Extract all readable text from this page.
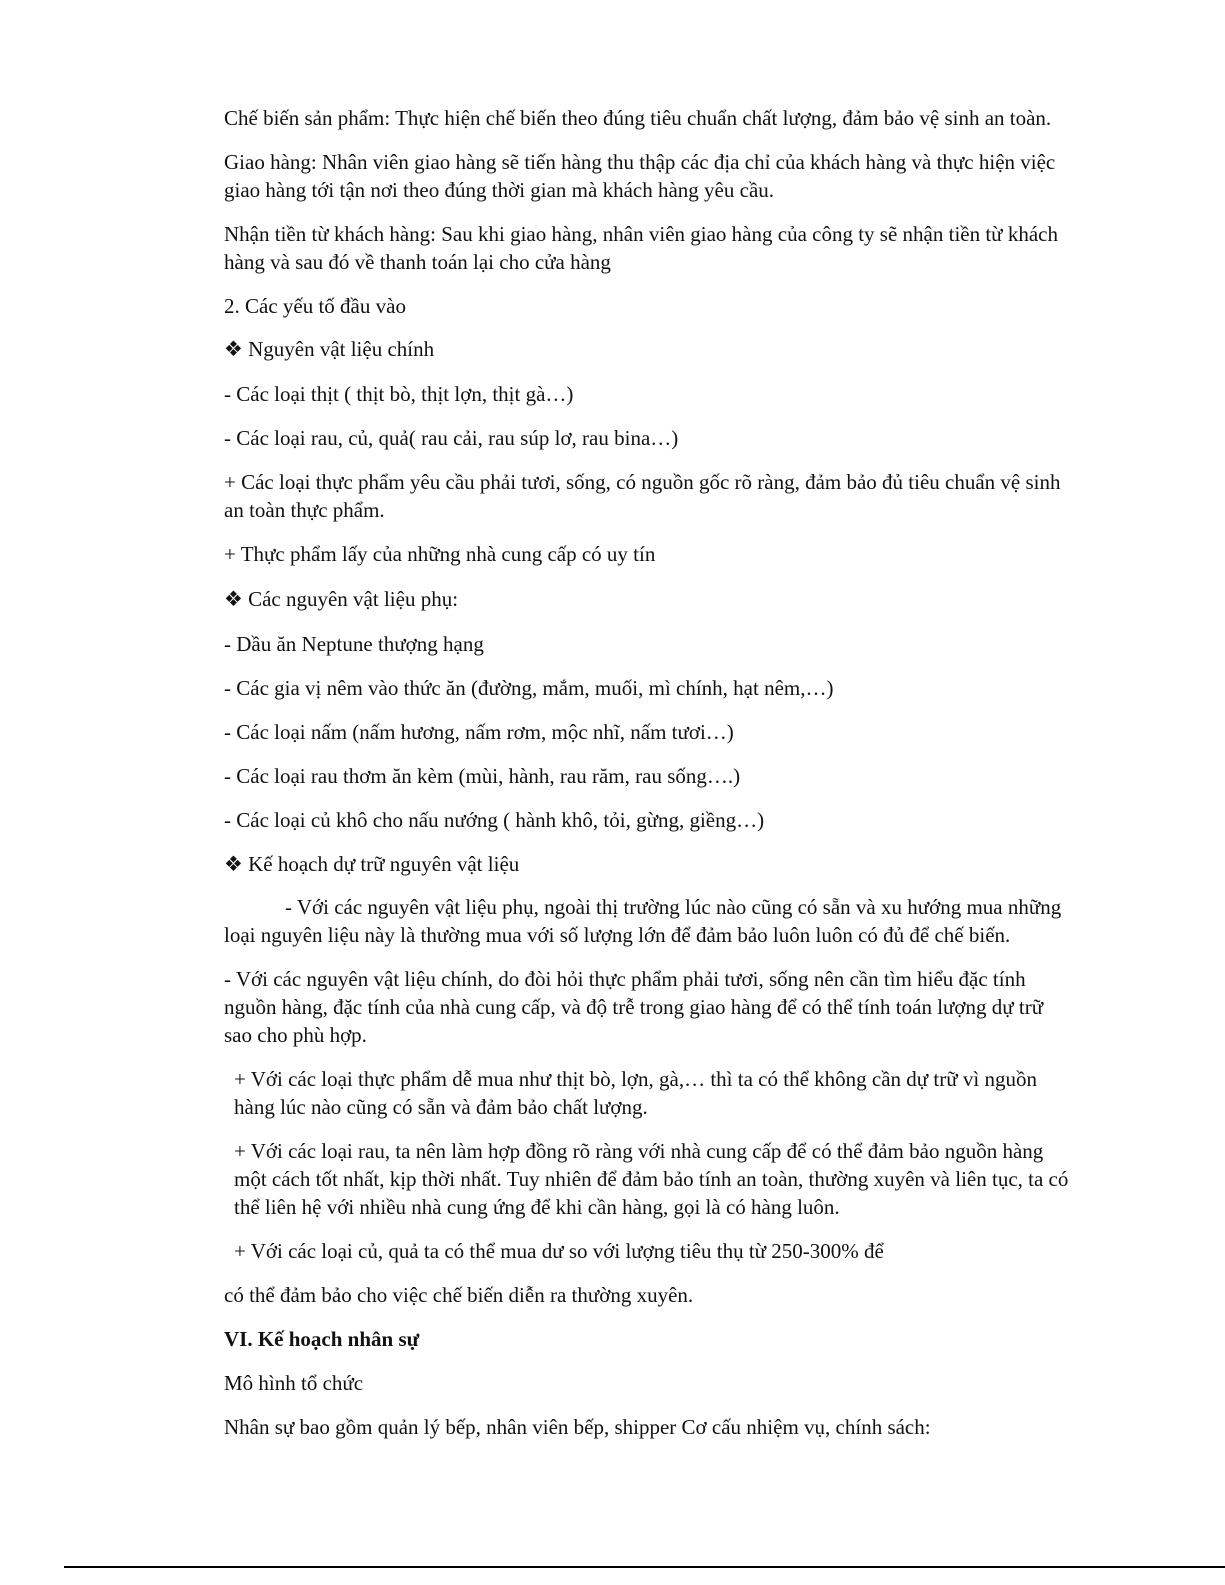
Chế biến sản phẩm: Thực hiện chế biến theo đúng tiêu chuẩn chất lượng, đảm bảo vệ sinh an toàn.

Giao hàng: Nhân viên giao hàng sẽ tiến hàng thu thập các địa chỉ của khách hàng và thực hiện việc giao hàng tới tận nơi theo đúng thời gian mà khách hàng yêu cầu.

Nhận tiền từ khách hàng: Sau khi giao hàng, nhân viên giao hàng của công ty sẽ nhận tiền từ khách hàng và sau đó về thanh toán lại cho cửa hàng

2. Các yếu tố đầu vào

❖ Nguyên vật liệu chính

- Các loại thịt ( thịt bò, thịt lợn, thịt gà…)

- Các loại rau, củ, quả( rau cải, rau súp lơ, rau bina…)

+ Các loại thực phẩm yêu cầu phải tươi, sống, có nguồn gốc rõ ràng, đảm bảo đủ tiêu chuẩn vệ sinh an toàn thực phẩm.

+ Thực phẩm lấy của những nhà cung cấp có uy tín

❖ Các nguyên vật liệu phụ:

- Dầu ăn Neptune thượng hạng

- Các gia vị nêm vào thức ăn (đường, mắm, muối, mì chính, hạt nêm,…)

- Các loại nấm (nấm hương, nấm rơm, mộc nhĩ, nấm tươi…)

- Các loại rau thơm ăn kèm (mùi, hành, rau răm, rau sống….)

- Các loại củ khô cho nấu nướng ( hành khô, tỏi, gừng, giềng…)

❖ Kế hoạch dự trữ nguyên vật liệu

- Với các nguyên vật liệu phụ, ngoài thị trường lúc nào cũng có sẵn và xu hướng mua những loại nguyên liệu này là thường mua với số lượng lớn để đảm bảo luôn luôn có đủ để chế biến.

- Với các nguyên vật liệu chính, do đòi hỏi thực phẩm phải tươi, sống nên cần tìm hiểu đặc tính nguồn hàng, đặc tính của nhà cung cấp, và độ trễ trong giao hàng để có thể tính toán lượng dự trữ sao cho phù hợp.

+ Với các loại thực phẩm dễ mua như thịt bò, lợn, gà,… thì ta có thể không cần dự trữ vì nguồn hàng lúc nào cũng có sẵn và đảm bảo chất lượng.

+ Với các loại rau, ta nên làm hợp đồng rõ ràng với nhà cung cấp để có thể đảm bảo nguồn hàng một cách tốt nhất, kịp thời nhất. Tuy nhiên để đảm bảo tính an toàn, thường xuyên và liên tục, ta có thể liên hệ với nhiều nhà cung ứng để khi cần hàng, gọi là có hàng luôn.

+ Với các loại củ, quả ta có thể mua dư so với lượng tiêu thụ từ 250-300% để

có thể đảm bảo cho việc chế biến diễn ra thường xuyên.

VI. Kế hoạch nhân sự

Mô hình tổ chức

Nhân sự bao gồm quản lý bếp, nhân viên bếp, shipper Cơ cấu nhiệm vụ, chính sách:
